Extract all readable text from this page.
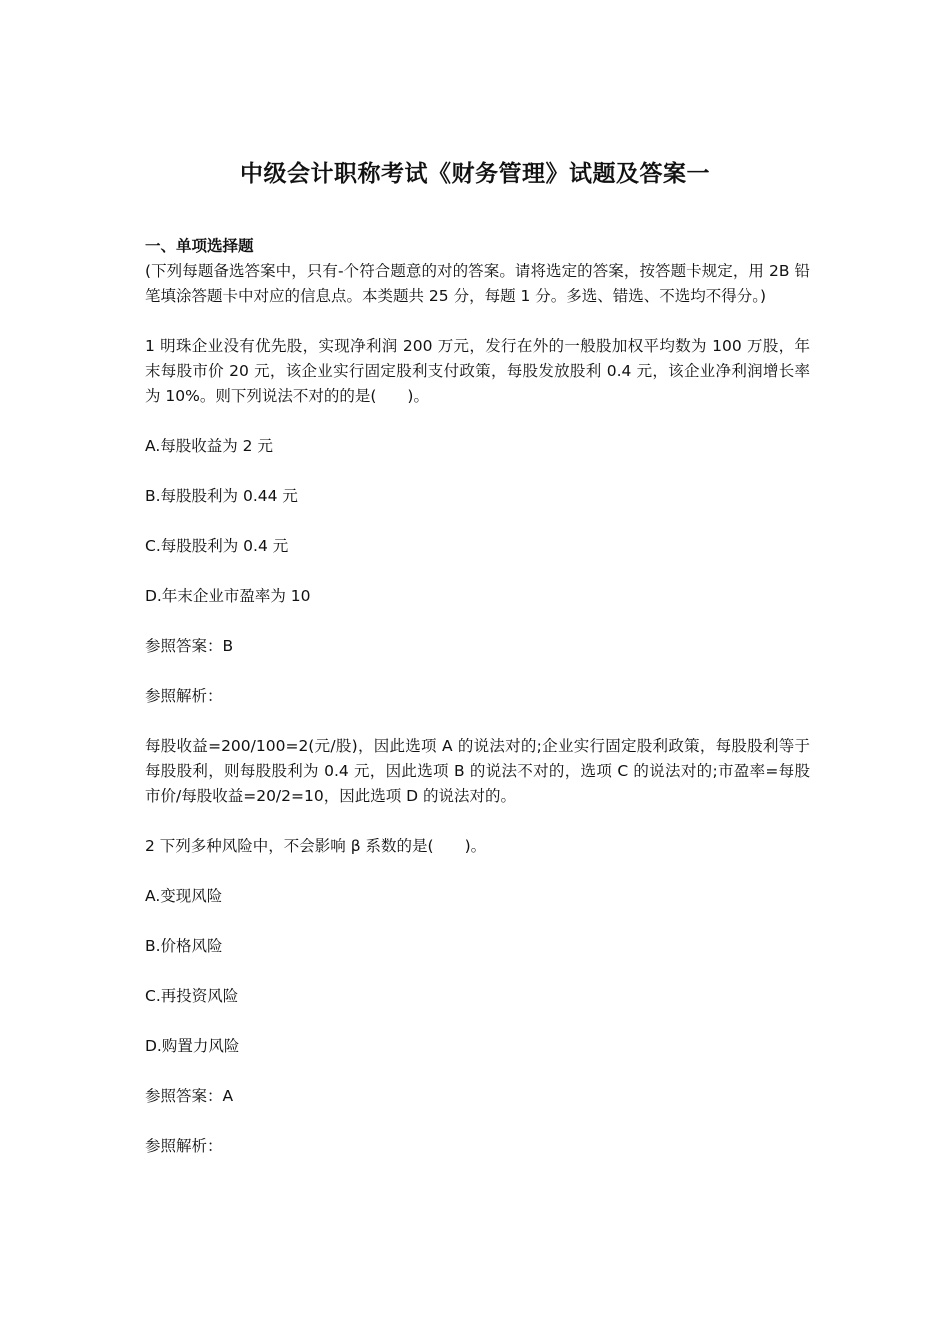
中级会计职称考试《财务管理》试题及答案一

一、单项选择题

(下列每题备选答案中，只有-个符合题意的对的答案。请将选定的答案，按答题卡规定，用 2B 铅笔填涂答题卡中对应的信息点。本类题共 25 分，每题 1 分。多选、错选、不选均不得分。)

1 明珠企业没有优先股，实现净利润 200 万元，发行在外的一般股加权平均数为 100 万股，年末每股市价 20 元，该企业实行固定股利支付政策，每股发放股利 0.4 元，该企业净利润增长率为 10%。则下列说法不对的的是(　　)。

A.每股收益为 2 元

B.每股股利为 0.44 元

C.每股股利为 0.4 元

D.年末企业市盈率为 10

参照答案：B

参照解析：

每股收益=200/100=2(元/股)，因此选项 A 的说法对的;企业实行固定股利政策，每股股利等于每股股利，则每股股利为 0.4 元，因此选项 B 的说法不对的，选项 C 的说法对的;市盈率=每股市价/每股收益=20/2=10，因此选项 D 的说法对的。

2 下列多种风险中，不会影响 β 系数的是(　　)。

A.变现风险

B.价格风险

C.再投资风险

D.购置力风险

参照答案：A

参照解析：
